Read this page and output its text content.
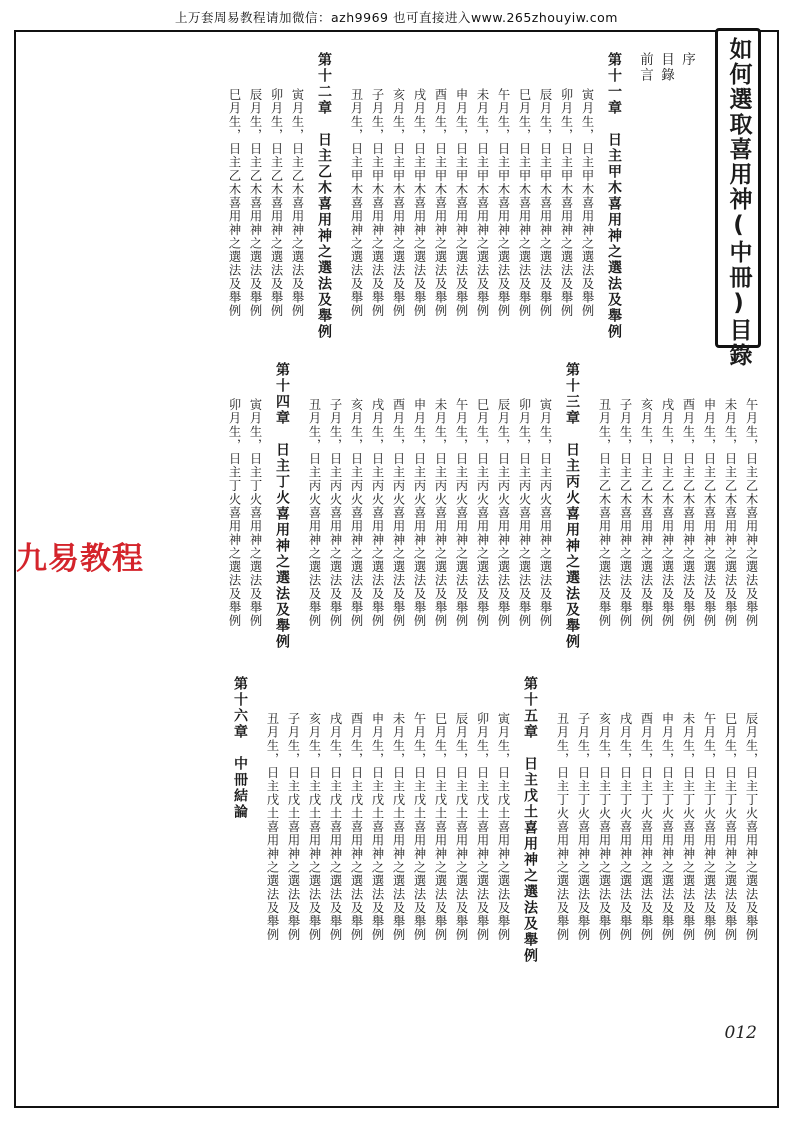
上万套周易教程请加微信：azh9969 也可直接进入www.265zhouyiw.com
如何選取喜用神(中冊)目錄
序
目錄
前言
第十一章　日主甲木喜用神之選法及舉例
寅月生，日主甲木喜用神之選法及舉例
卯月生，日主甲木喜用神之選法及舉例
辰月生，日主甲木喜用神之選法及舉例
巳月生，日主甲木喜用神之選法及舉例
午月生，日主甲木喜用神之選法及舉例
未月生，日主甲木喜用神之選法及舉例
申月生，日主甲木喜用神之選法及舉例
酉月生，日主甲木喜用神之選法及舉例
戌月生，日主甲木喜用神之選法及舉例
亥月生，日主甲木喜用神之選法及舉例
子月生，日主甲木喜用神之選法及舉例
丑月生，日主甲木喜用神之選法及舉例
第十二章　日主乙木喜用神之選法及舉例
寅月生，日主乙木喜用神之選法及舉例
卯月生，日主乙木喜用神之選法及舉例
辰月生，日主乙木喜用神之選法及舉例
巳月生，日主乙木喜用神之選法及舉例
午月生，日主乙木喜用神之選法及舉例
未月生，日主乙木喜用神之選法及舉例
申月生，日主乙木喜用神之選法及舉例
酉月生，日主乙木喜用神之選法及舉例
戌月生，日主乙木喜用神之選法及舉例
亥月生，日主乙木喜用神之選法及舉例
子月生，日主乙木喜用神之選法及舉例
丑月生，日主乙木喜用神之選法及舉例
第十三章　日主丙火喜用神之選法及舉例
寅月生，日主丙火喜用神之選法及舉例
卯月生，日主丙火喜用神之選法及舉例
辰月生，日主丙火喜用神之選法及舉例
巳月生，日主丙火喜用神之選法及舉例
午月生，日主丙火喜用神之選法及舉例
未月生，日主丙火喜用神之選法及舉例
申月生，日主丙火喜用神之選法及舉例
酉月生，日主丙火喜用神之選法及舉例
戌月生，日主丙火喜用神之選法及舉例
亥月生，日主丙火喜用神之選法及舉例
子月生，日主丙火喜用神之選法及舉例
丑月生，日主丙火喜用神之選法及舉例
第十四章　日主丁火喜用神之選法及舉例
寅月生，日主丁火喜用神之選法及舉例
卯月生，日主丁火喜用神之選法及舉例
辰月生，日主丁火喜用神之選法及舉例
巳月生，日主丁火喜用神之選法及舉例
午月生，日主丁火喜用神之選法及舉例
未月生，日主丁火喜用神之選法及舉例
申月生，日主丁火喜用神之選法及舉例
酉月生，日主丁火喜用神之選法及舉例
戌月生，日主丁火喜用神之選法及舉例
亥月生，日主丁火喜用神之選法及舉例
子月生，日主丁火喜用神之選法及舉例
丑月生，日主丁火喜用神之選法及舉例
第十五章　日主戊土喜用神之選法及舉例
寅月生，日主戊土喜用神之選法及舉例
卯月生，日主戊土喜用神之選法及舉例
辰月生，日主戊土喜用神之選法及舉例
巳月生，日主戊土喜用神之選法及舉例
午月生，日主戊土喜用神之選法及舉例
未月生，日主戊土喜用神之選法及舉例
申月生，日主戊土喜用神之選法及舉例
酉月生，日主戊土喜用神之選法及舉例
戌月生，日主戊土喜用神之選法及舉例
亥月生，日主戊土喜用神之選法及舉例
子月生，日主戊土喜用神之選法及舉例
丑月生，日主戊土喜用神之選法及舉例
第十六章　中冊結論
九易教程
012
